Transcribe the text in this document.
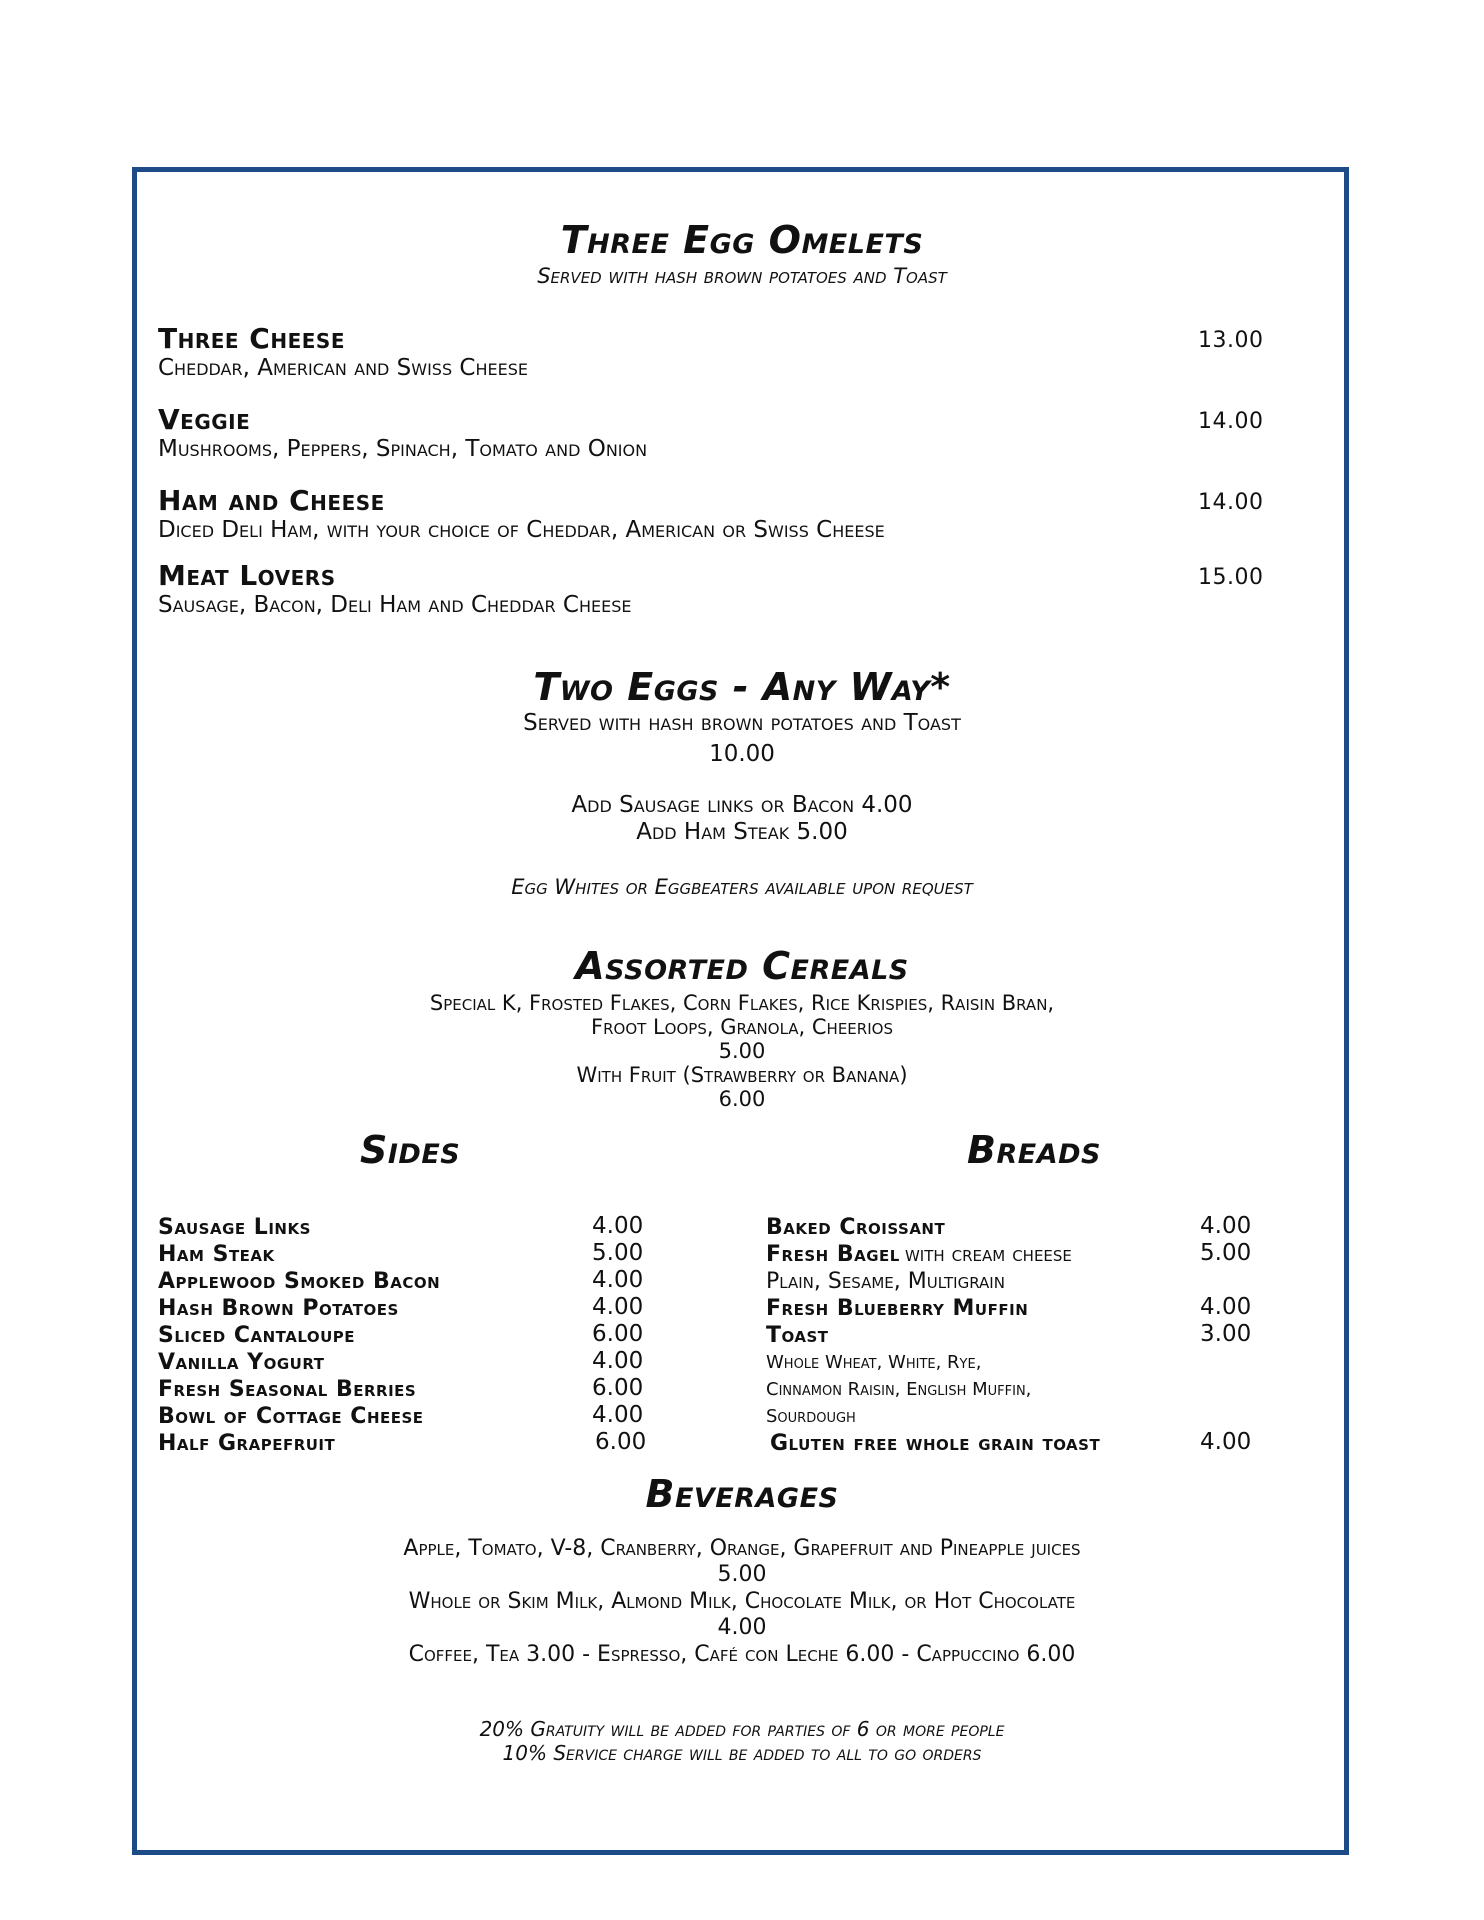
Three Egg Omelets
Served with hash brown potatoes and Toast
Three Cheese	13.00
Cheddar, American and Swiss Cheese
Veggie	14.00
Mushrooms, Peppers, Spinach, Tomato and Onion
Ham and Cheese	14.00
Diced Deli Ham, with your choice of Cheddar, American or Swiss Cheese
Meat Lovers	15.00
Sausage, Bacon, Deli Ham and Cheddar Cheese
Two Eggs - Any Way*
Served with hash brown potatoes and Toast
10.00
Add Sausage links or Bacon 4.00
Add Ham Steak 5.00
Egg Whites or Eggbeaters available upon request
Assorted Cereals
Special K, Frosted Flakes, Corn Flakes, Rice Krispies, Raisin Bran,
Froot Loops, Granola, Cheerios
5.00
With Fruit (Strawberry or Banana)
6.00
Sides	Breads
Sausage Links	4.00
Ham Steak	5.00
Applewood Smoked Bacon	4.00
Hash Brown Potatoes	4.00
Sliced Cantaloupe	6.00
Vanilla Yogurt	4.00
Fresh Seasonal Berries	6.00
Bowl of Cottage Cheese	4.00
Half Grapefruit	6.00
Baked Croissant	4.00
Fresh Bagel with cream cheese	5.00
Plain, Sesame, Multigrain
Fresh Blueberry Muffin	4.00
Toast	3.00
Whole Wheat, White, Rye,
Cinnamon Raisin, English Muffin,
Sourdough
Gluten free whole grain toast	4.00
Beverages
Apple, Tomato, V-8, Cranberry, Orange, Grapefruit and Pineapple juices
5.00
Whole or Skim Milk, Almond Milk, Chocolate Milk, or Hot Chocolate
4.00
Coffee, Tea 3.00 - Espresso, Café con Leche 6.00 - Cappuccino 6.00
20% Gratuity will be added for parties of 6 or more people
10% Service charge will be added to all to go orders
